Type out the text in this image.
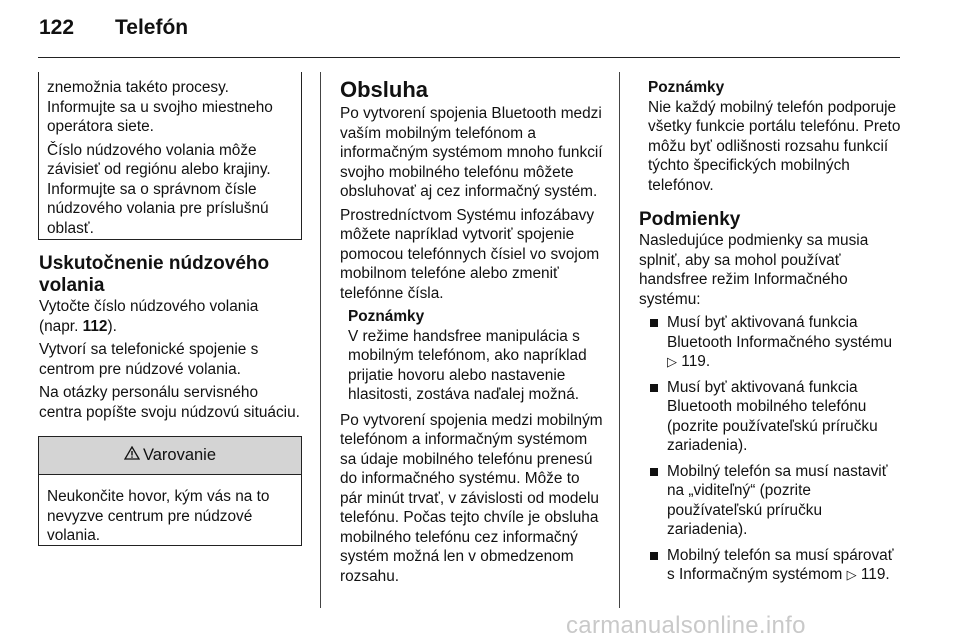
122 Telefón

znemožnia takéto procesy. Informujte sa u svojho miestneho operátora siete.

Číslo núdzového volania môže závisieť od regiónu alebo krajiny. Informujte sa o správnom čísle núdzového volania pre príslušnú oblasť.

Uskutočnenie núdzového volania

Vytočte číslo núdzového volania (napr. 112).

Vytvorí sa telefonické spojenie s centrom pre núdzové volania.

Na otázky personálu servisného centra popíšte svoju núdzovú situáciu.

Varovanie
Neukončite hovor, kým vás na to nevyzve centrum pre núdzové volania.
Obsluha

Po vytvorení spojenia Bluetooth medzi vaším mobilným telefónom a informačným systémom mnoho funkcií svojho mobilného telefónu môžete obsluhovať aj cez informačný systém.

Prostredníctvom Systému infozábavy môžete napríklad vytvoriť spojenie pomocou telefónnych čísiel vo svojom mobilnom telefóne alebo zmeniť telefónne čísla.

Poznámky
V režime handsfree manipulácia s mobilným telefónom, ako napríklad prijatie hovoru alebo nastavenie hlasitosti, zostáva naďalej možná.

Po vytvorení spojenia medzi mobilným telefónom a informačným systémom sa údaje mobilného telefónu prenesú do informačného systému. Môže to pár minút trvať, v závislosti od modelu telefónu. Počas tejto chvíle je obsluha mobilného telefónu cez informačný systém možná len v obmedzenom rozsahu.

Poznámky
Nie každý mobilný telefón podporuje všetky funkcie portálu telefónu. Preto môžu byť odlišnosti rozsahu funkcií týchto špecifických mobilných telefónov.
Podmienky

Nasledujúce podmienky sa musia splniť, aby sa mohol používať handsfree režim Informačného systému:

Musí byť aktivovaná funkcia Bluetooth Informačného systému
▷ 119.
Musí byť aktivovaná funkcia Bluetooth mobilného telefónu (pozrite používateľskú príručku zariadenia).
Mobilný telefón sa musí nastaviť na „viditeľný“ (pozrite používateľskú príručku zariadenia).
Mobilný telefón sa musí spárovať s Informačným systémom ▷ 119.
carmanualsonline.info
